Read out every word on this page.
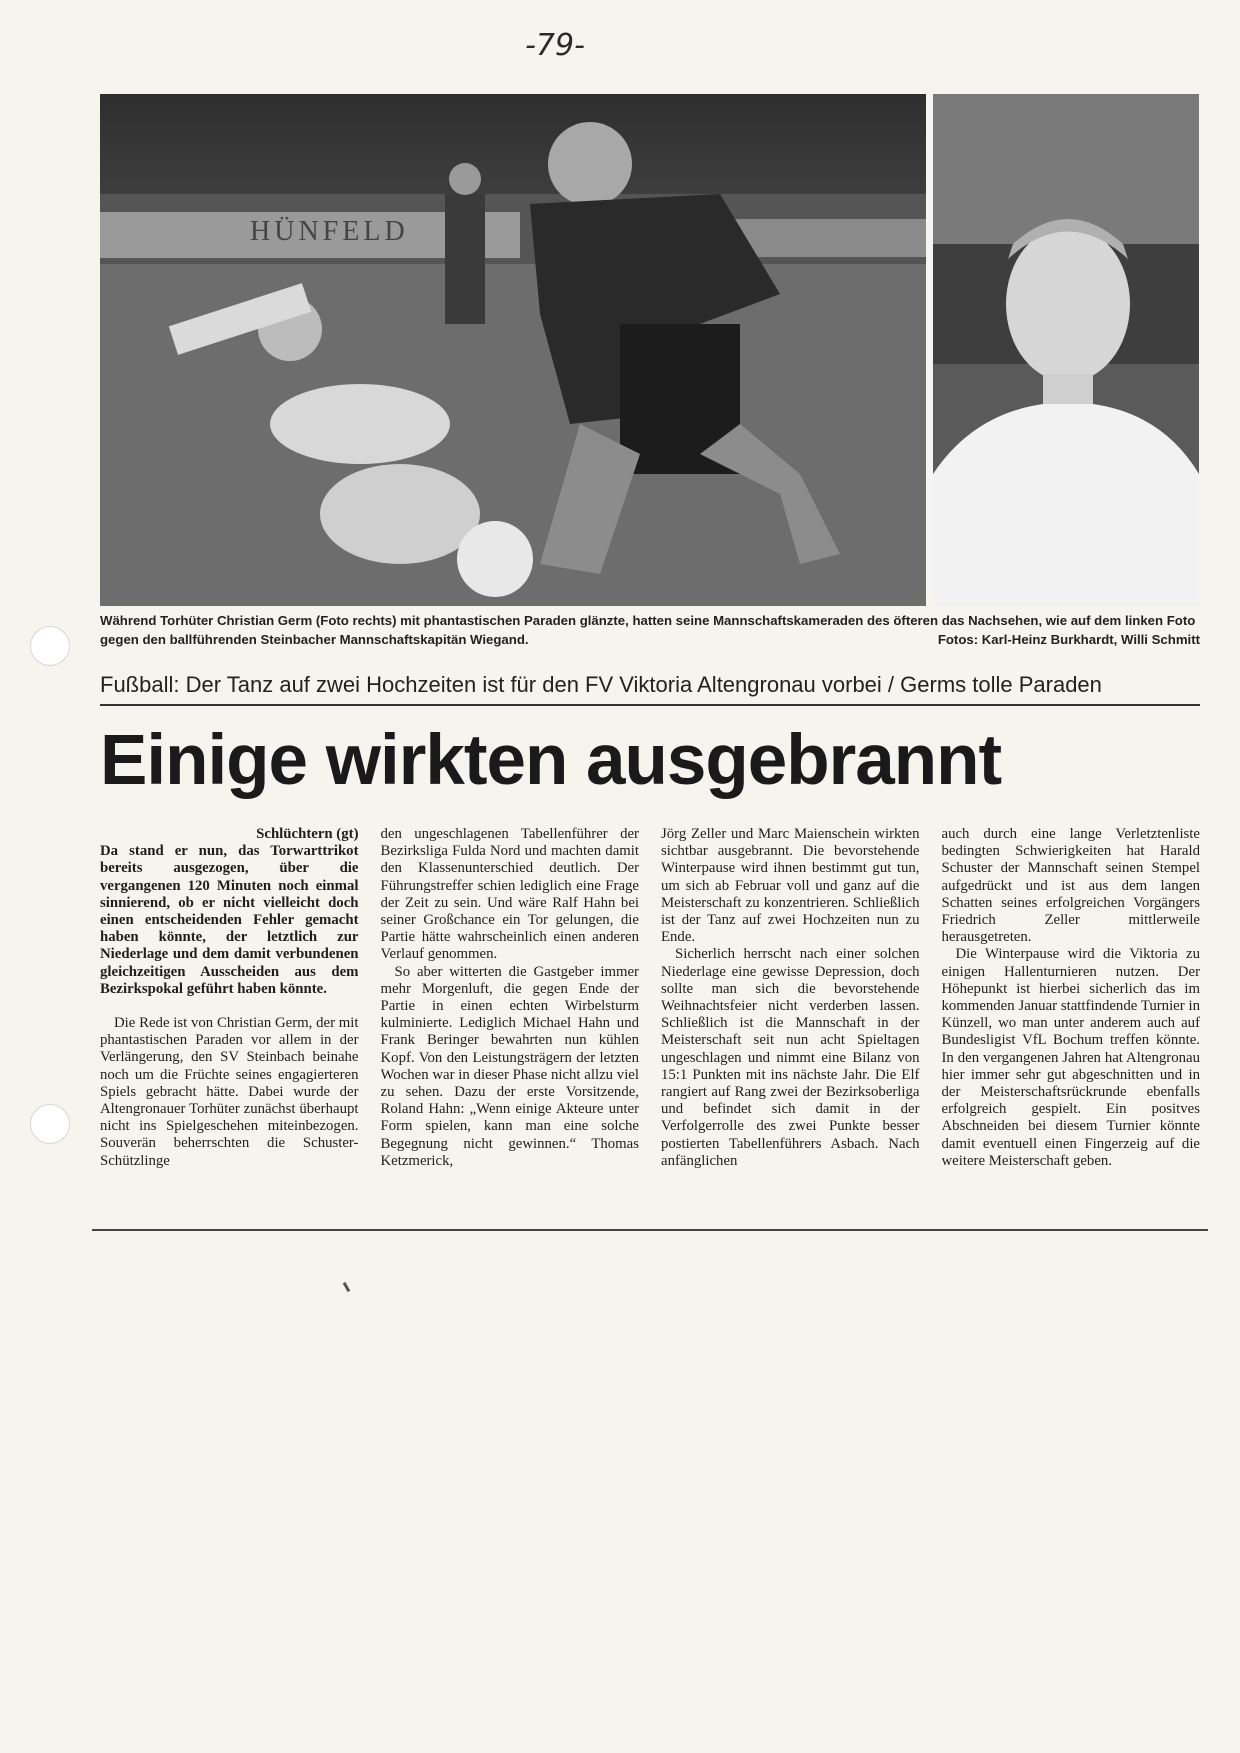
-79-
HÜNFELD
Während Torhüter Christian Germ (Foto rechts) mit phantastischen Paraden glänzte, hatten seine Mannschaftskameraden des öfteren das Nachsehen, wie auf dem linken Foto gegen den ballführenden Steinbacher Mannschaftskapitän Wiegand.	Fotos: Karl-Heinz Burkhardt, Willi Schmitt
Fußball: Der Tanz auf zwei Hochzeiten ist für den FV Viktoria Altengronau vorbei / Germs tolle Paraden
Einige wirkten ausgebrannt

Schlüchtern (gt)

Da stand er nun, das Torwarttrikot bereits ausgezogen, über die vergangenen 120 Minuten noch einmal sinnierend, ob er nicht vielleicht doch einen entscheidenden Fehler gemacht haben könnte, der letztlich zur Niederlage und dem damit verbundenen gleichzeitigen Ausscheiden aus dem Bezirkspokal geführt haben könnte.

Die Rede ist von Christian Germ, der mit phantastischen Paraden vor allem in der Verlängerung, den SV Steinbach beinahe noch um die Früchte seines engagierteren Spiels gebracht hätte. Dabei wurde der Altengronauer Torhüter zunächst überhaupt nicht ins Spielgeschehen miteinbezogen. Souverän beherrschten die Schuster-Schützlinge

den ungeschlagenen Tabellenführer der Bezirksliga Fulda Nord und machten damit den Klassenunterschied deutlich. Der Führungstreffer schien lediglich eine Frage der Zeit zu sein. Und wäre Ralf Hahn bei seiner Großchance ein Tor gelungen, die Partie hätte wahrscheinlich einen anderen Verlauf genommen.

So aber witterten die Gastgeber immer mehr Morgenluft, die gegen Ende der Partie in einen echten Wirbelsturm kulminierte. Lediglich Michael Hahn und Frank Beringer bewahrten nun kühlen Kopf. Von den Leistungsträgern der letzten Wochen war in dieser Phase nicht allzu viel zu sehen. Dazu der erste Vorsitzende, Roland Hahn: „Wenn einige Akteure unter Form spielen, kann man eine solche Begegnung nicht gewinnen.“ Thomas Ketzmerick,

Jörg Zeller und Marc Maienschein wirkten sichtbar ausgebrannt. Die bevorstehende Winterpause wird ihnen bestimmt gut tun, um sich ab Februar voll und ganz auf die Meisterschaft zu konzentrieren. Schließlich ist der Tanz auf zwei Hochzeiten nun zu Ende.

Sicherlich herrscht nach einer solchen Niederlage eine gewisse Depression, doch sollte man sich die bevorstehende Weihnachtsfeier nicht verderben lassen. Schließlich ist die Mannschaft in der Meisterschaft seit nun acht Spieltagen ungeschlagen und nimmt eine Bilanz von 15:1 Punkten mit ins nächste Jahr. Die Elf rangiert auf Rang zwei der Bezirksoberliga und befindet sich damit in der Verfolgerrolle des zwei Punkte besser postierten Tabellenführers Asbach. Nach anfänglichen

auch durch eine lange Verletztenliste bedingten Schwierigkeiten hat Harald Schuster der Mannschaft seinen Stempel aufgedrückt und ist aus dem langen Schatten seines erfolgreichen Vorgängers Friedrich Zeller mittlerweile herausgetreten.

Die Winterpause wird die Viktoria zu einigen Hallenturnieren nutzen. Der Höhepunkt ist hierbei sicherlich das im kommenden Januar stattfindende Turnier in Künzell, wo man unter anderem auch auf Bundesligist VfL Bochum treffen könnte. In den vergangenen Jahren hat Altengronau hier immer sehr gut abgeschnitten und in der Meisterschaftsrückrunde ebenfalls erfolgreich gespielt. Ein positves Abschneiden bei diesem Turnier könnte damit eventuell einen Fingerzeig auf die weitere Meisterschaft geben.
